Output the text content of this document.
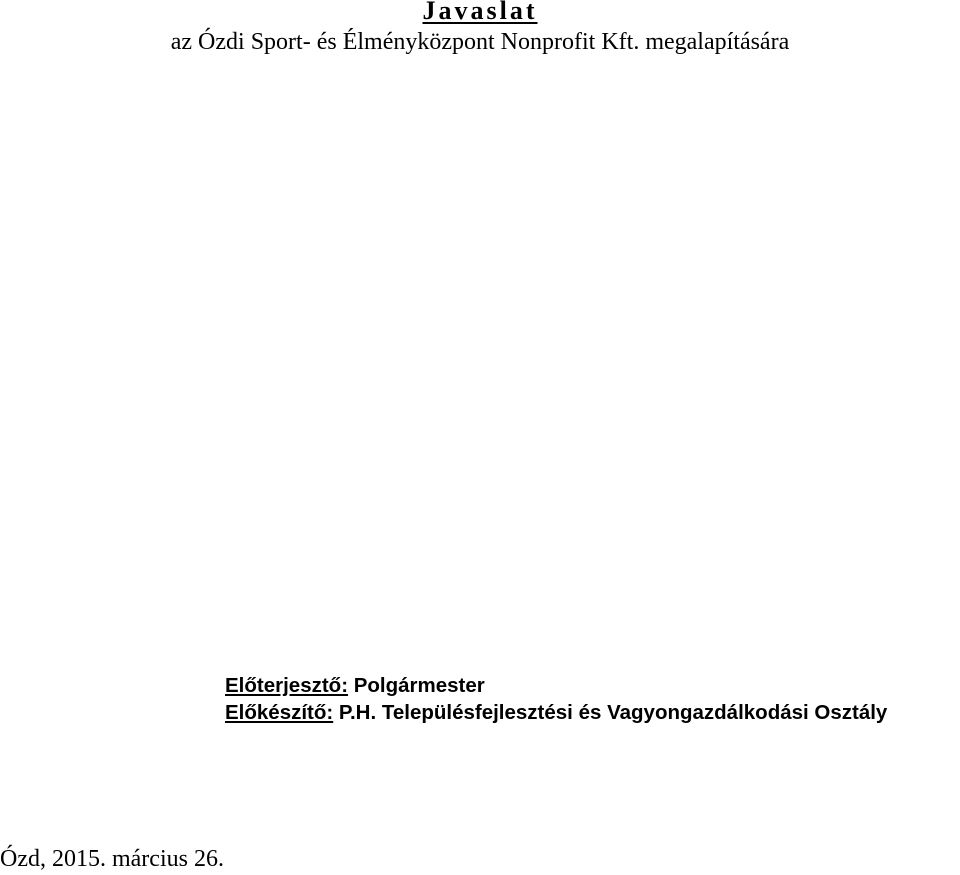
Javaslat
az Ózdi Sport- és Élményközpont Nonprofit Kft. megalapítására
Előterjesztő: Polgármester
Előkészítő: P.H. Településfejlesztési és Vagyongazdálkodási Osztály
Ózd, 2015. március 26.
